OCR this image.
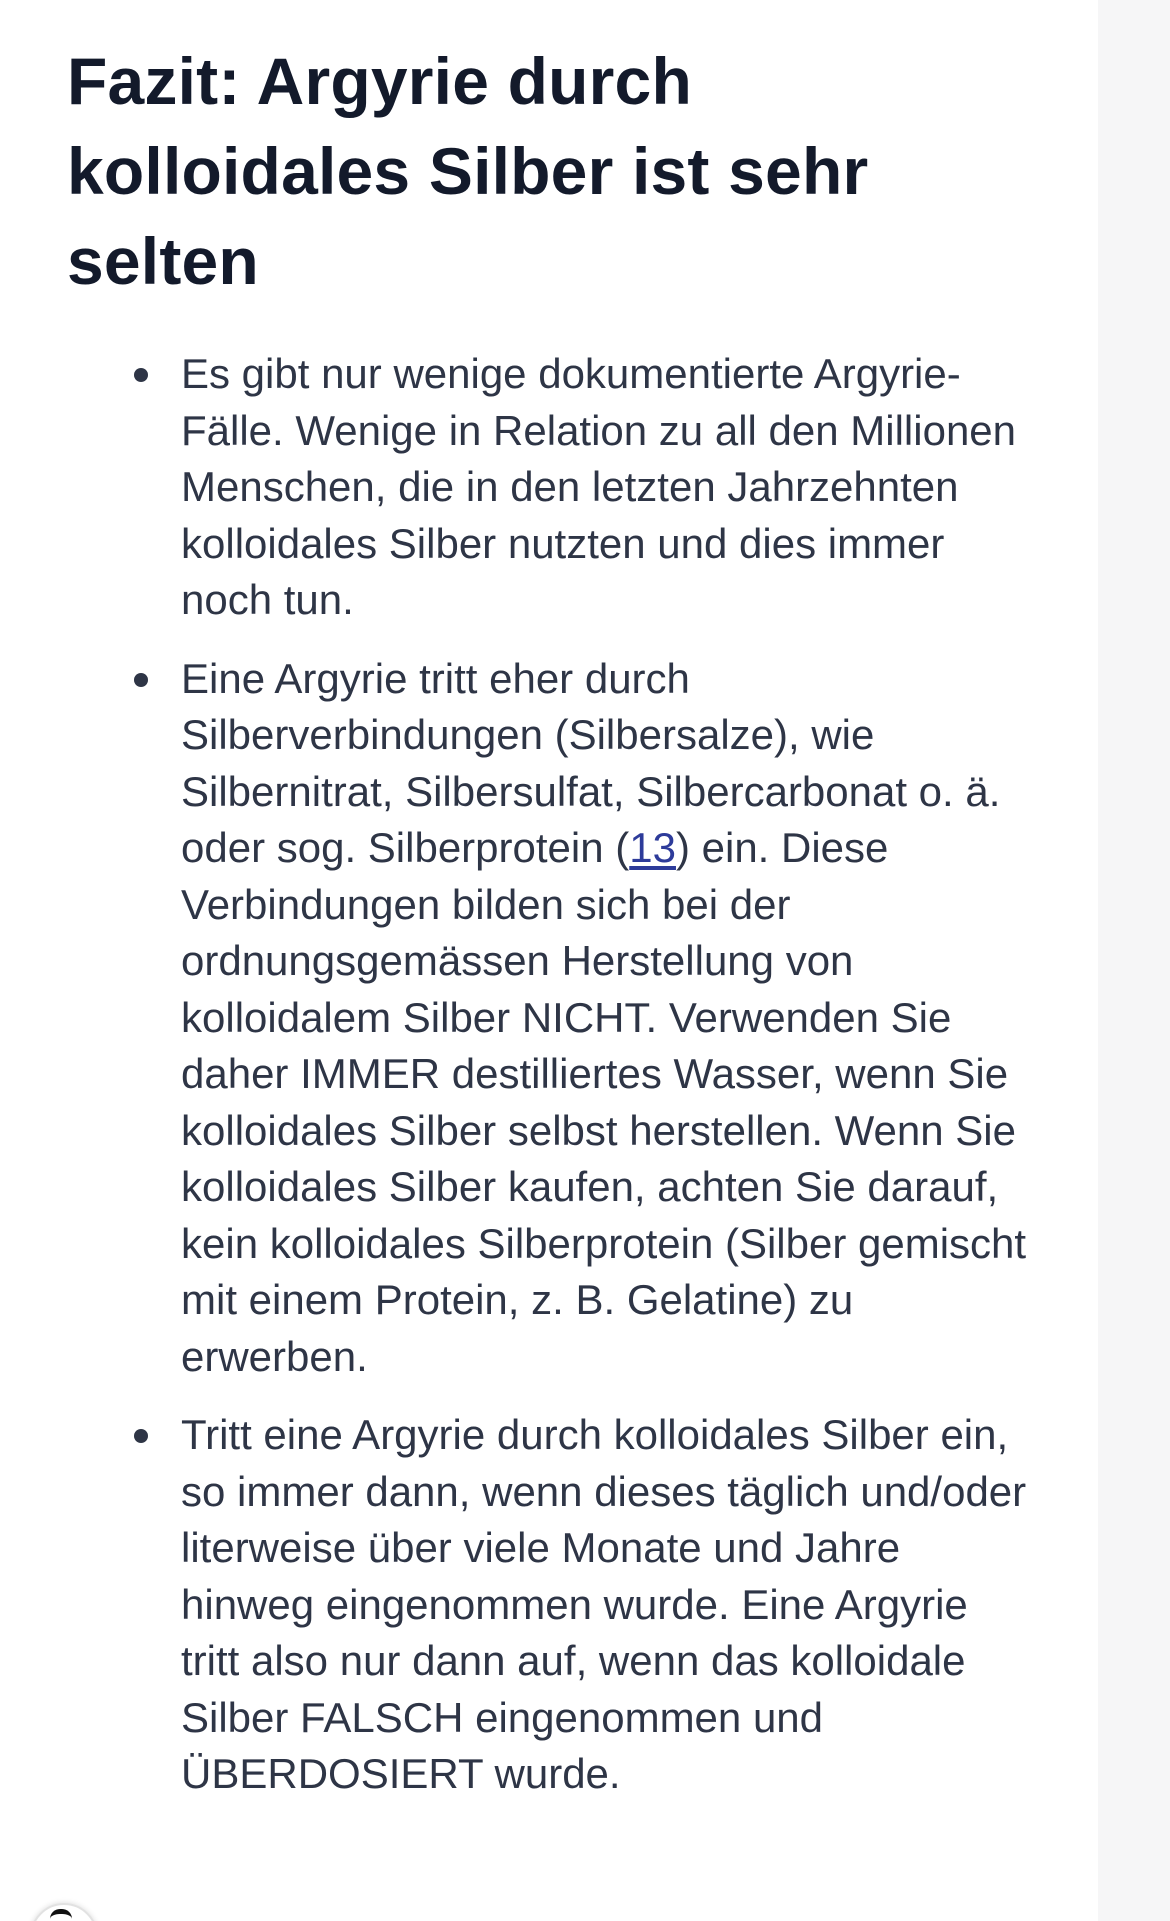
Fazit: Argyrie durch kolloidales Silber ist sehr selten
Es gibt nur wenige dokumentierte Argyrie-Fälle. Wenige in Relation zu all den Millionen Menschen, die in den letzten Jahrzehnten kolloidales Silber nutzten und dies immer noch tun.
Eine Argyrie tritt eher durch Silberverbindungen (Silbersalze), wie Silbernitrat, Silbersulfat, Silbercarbonat o. ä. oder sog. Silberprotein (13) ein. Diese Verbindungen bilden sich bei der ordnungsgemässen Herstellung von kolloidalem Silber NICHT. Verwenden Sie daher IMMER destilliertes Wasser, wenn Sie kolloidales Silber selbst herstellen. Wenn Sie kolloidales Silber kaufen, achten Sie darauf, kein kolloidales Silberprotein (Silber gemischt mit einem Protein, z. B. Gelatine) zu erwerben.
Tritt eine Argyrie durch kolloidales Silber ein, so immer dann, wenn dieses täglich und/oder literweise über viele Monate und Jahre hinweg eingenommen wurde. Eine Argyrie tritt also nur dann auf, wenn das kolloidale Silber FALSCH eingenommen und ÜBERDOSIERT wurde.
